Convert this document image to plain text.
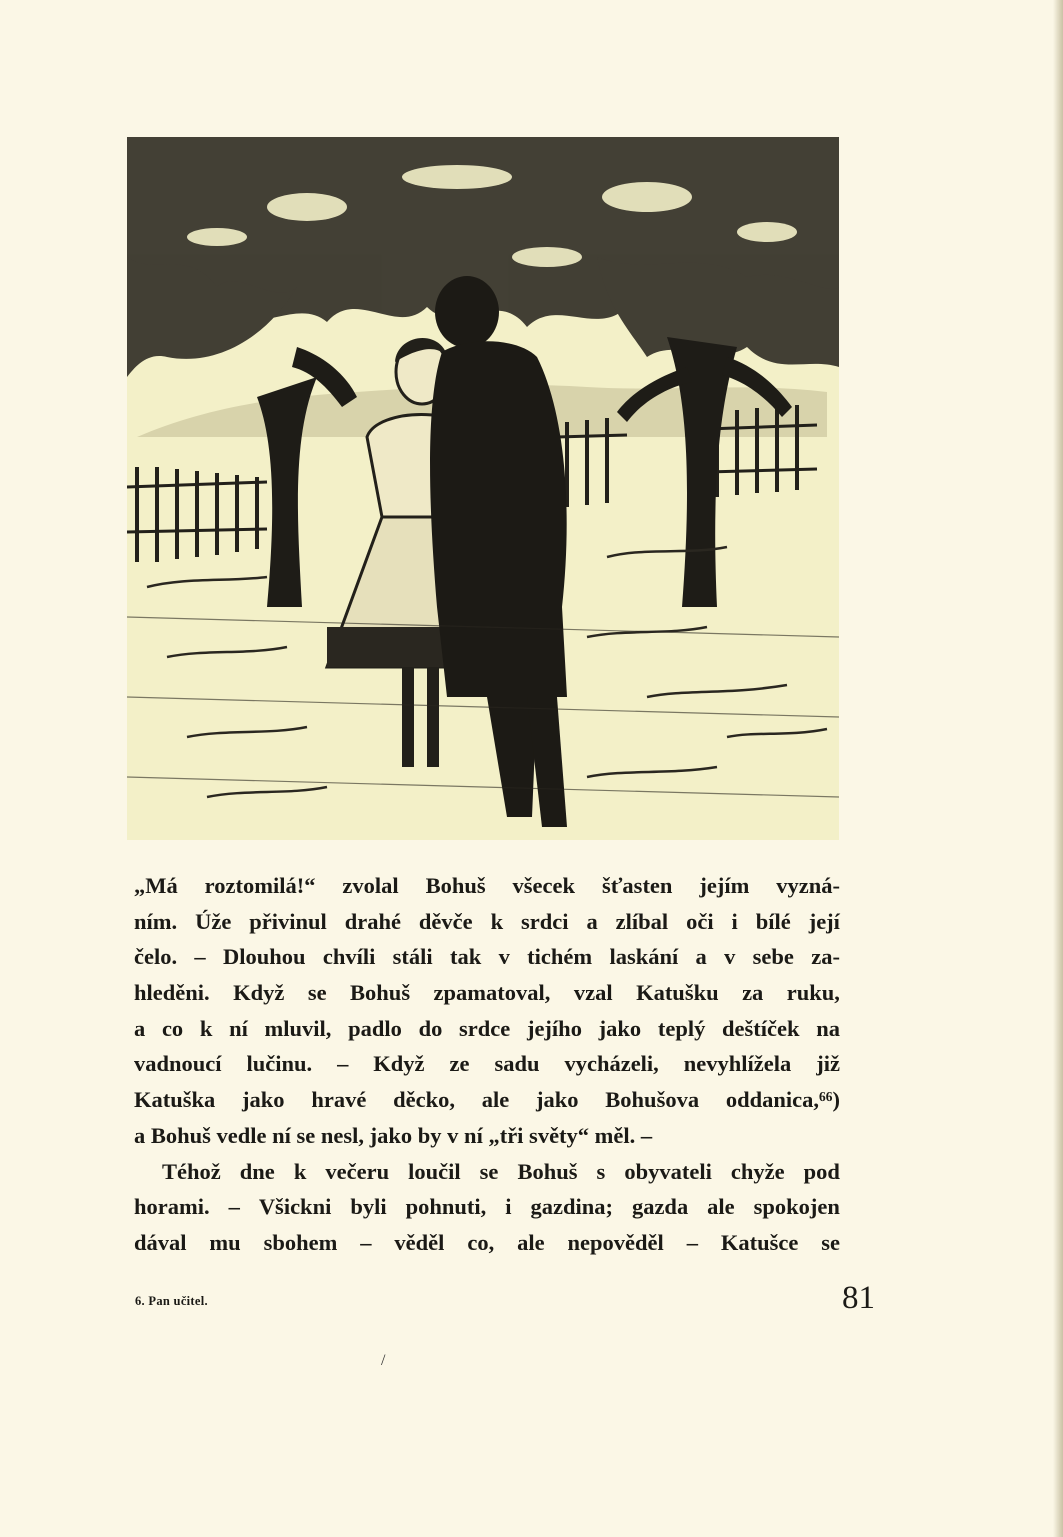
„Má roztomilá!“ zvolal Bohuš všecek šťasten jejím vyzná-
ním. Úže přivinul drahé děvče k srdci a zlíbal oči i bílé její
čelo. – Dlouhou chvíli stáli tak v tichém laskání a v sebe za-
hleděni. Když se Bohuš zpamatoval, vzal Katušku za ruku,
a co k ní mluvil, padlo do srdce jejího jako teplý deštíček na
vadnoucí lučinu. – Když ze sadu vycházeli, nevyhlížela již
Katuška jako hravé děcko, ale jako Bohušova oddanica,⁶⁶)
a Bohuš vedle ní se nesl, jako by v ní „tři světy“ měl. –
Téhož dne k večeru loučil se Bohuš s obyvateli chyže pod
horami. – Všickni byli pohnuti, i gazdina; gazda ale spokojen
dával mu sbohem – věděl co, ale nepověděl – Katušce se
6. Pan učitel.	81
/
